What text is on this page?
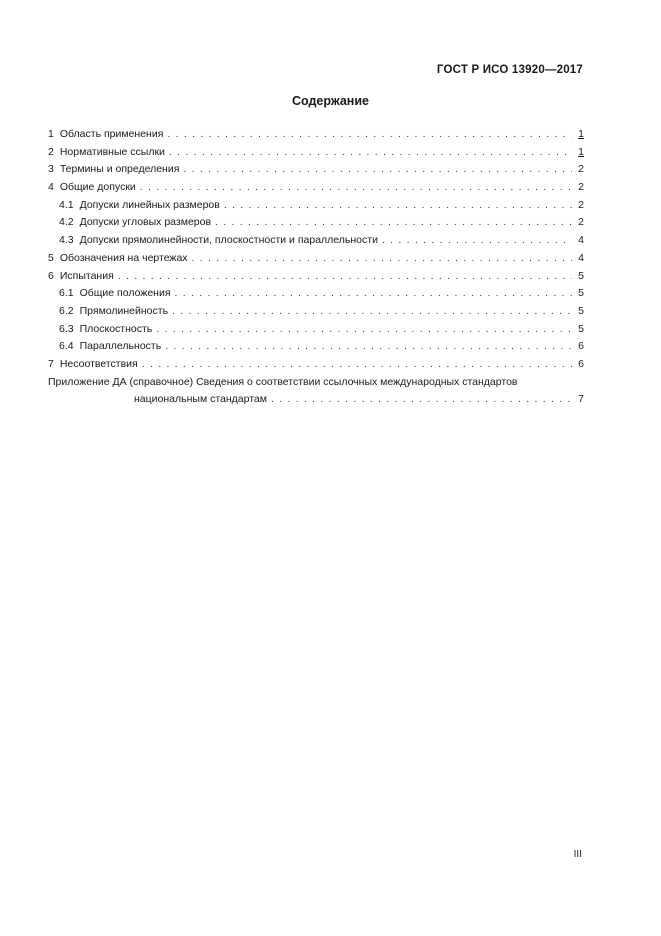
ГОСТ Р ИСО 13920—2017
Содержание
1 Область применения . . .	1
2 Нормативные ссылки . . .	1
3 Термины и определения . . .	2
4 Общие допуски . . .	2
4.1 Допуски линейных размеров . . .	2
4.2 Допуски угловых размеров . . .	2
4.3 Допуски прямолинейности, плоскостности и параллельности . . .	4
5 Обозначения на чертежах . . .	4
6 Испытания . . .	5
6.1 Общие положения . . .	5
6.2 Прямолинейность . . .	5
6.3 Плоскостность . . .	5
6.4 Параллельность . . .	6
7 Несоответствия . . .	6
Приложение ДА (справочное) Сведения о соответствии ссылочных международных стандартов
национальным стандартам . . .	7
III
